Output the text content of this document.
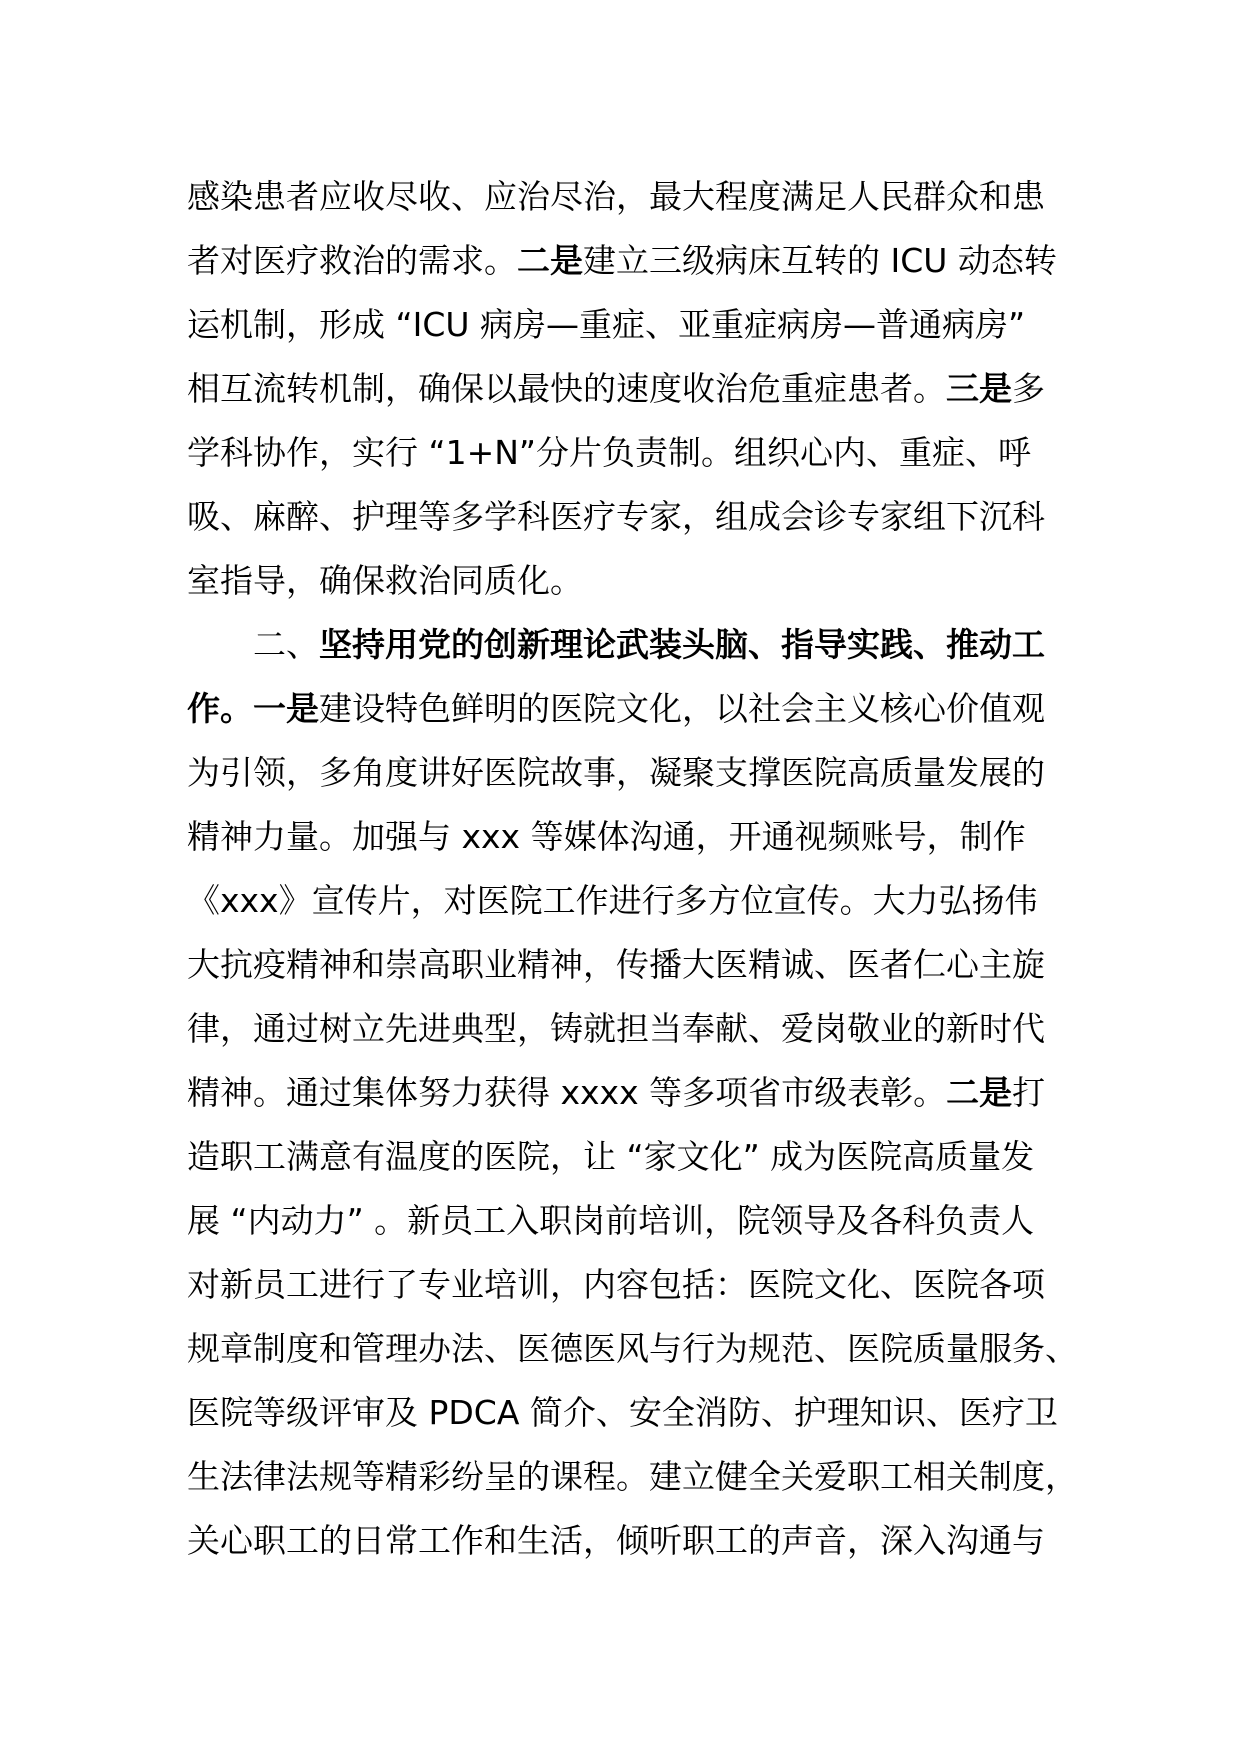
感染患者应收尽收、应治尽治，最大程度满足人民群众和患
者对医疗救治的需求。二是建立三级病床互转的 ICU 动态转
运机制，形成 “ICU 病房—重症、亚重症病房—普通病房”
相互流转机制，确保以最快的速度收治危重症患者。三是多
学科协作，实行 “1+N”分片负责制。组织心内、重症、呼
吸、麻醉、护理等多学科医疗专家，组成会诊专家组下沉科
室指导，确保救治同质化。
二、坚持用党的创新理论武装头脑、指导实践、推动工
作。一是建设特色鲜明的医院文化，以社会主义核心价值观
为引领，多角度讲好医院故事，凝聚支撑医院高质量发展的
精神力量。加强与 xxx 等媒体沟通，开通视频账号，制作
《xxx》宣传片，对医院工作进行多方位宣传。大力弘扬伟
大抗疫精神和崇高职业精神，传播大医精诚、医者仁心主旋
律，通过树立先进典型，铸就担当奉献、爱岗敬业的新时代
精神。通过集体努力获得 xxxx 等多项省市级表彰。二是打
造职工满意有温度的医院，让 “家文化” 成为医院高质量发
展 “内动力” 。新员工入职岗前培训，院领导及各科负责人
对新员工进行了专业培训，内容包括：医院文化、医院各项
规章制度和管理办法、医德医风与行为规范、医院质量服务、
医院等级评审及 PDCA 简介、安全消防、护理知识、医疗卫
生法律法规等精彩纷呈的课程。建立健全关爱职工相关制度，
关心职工的日常工作和生活，倾听职工的声音，深入沟通与
